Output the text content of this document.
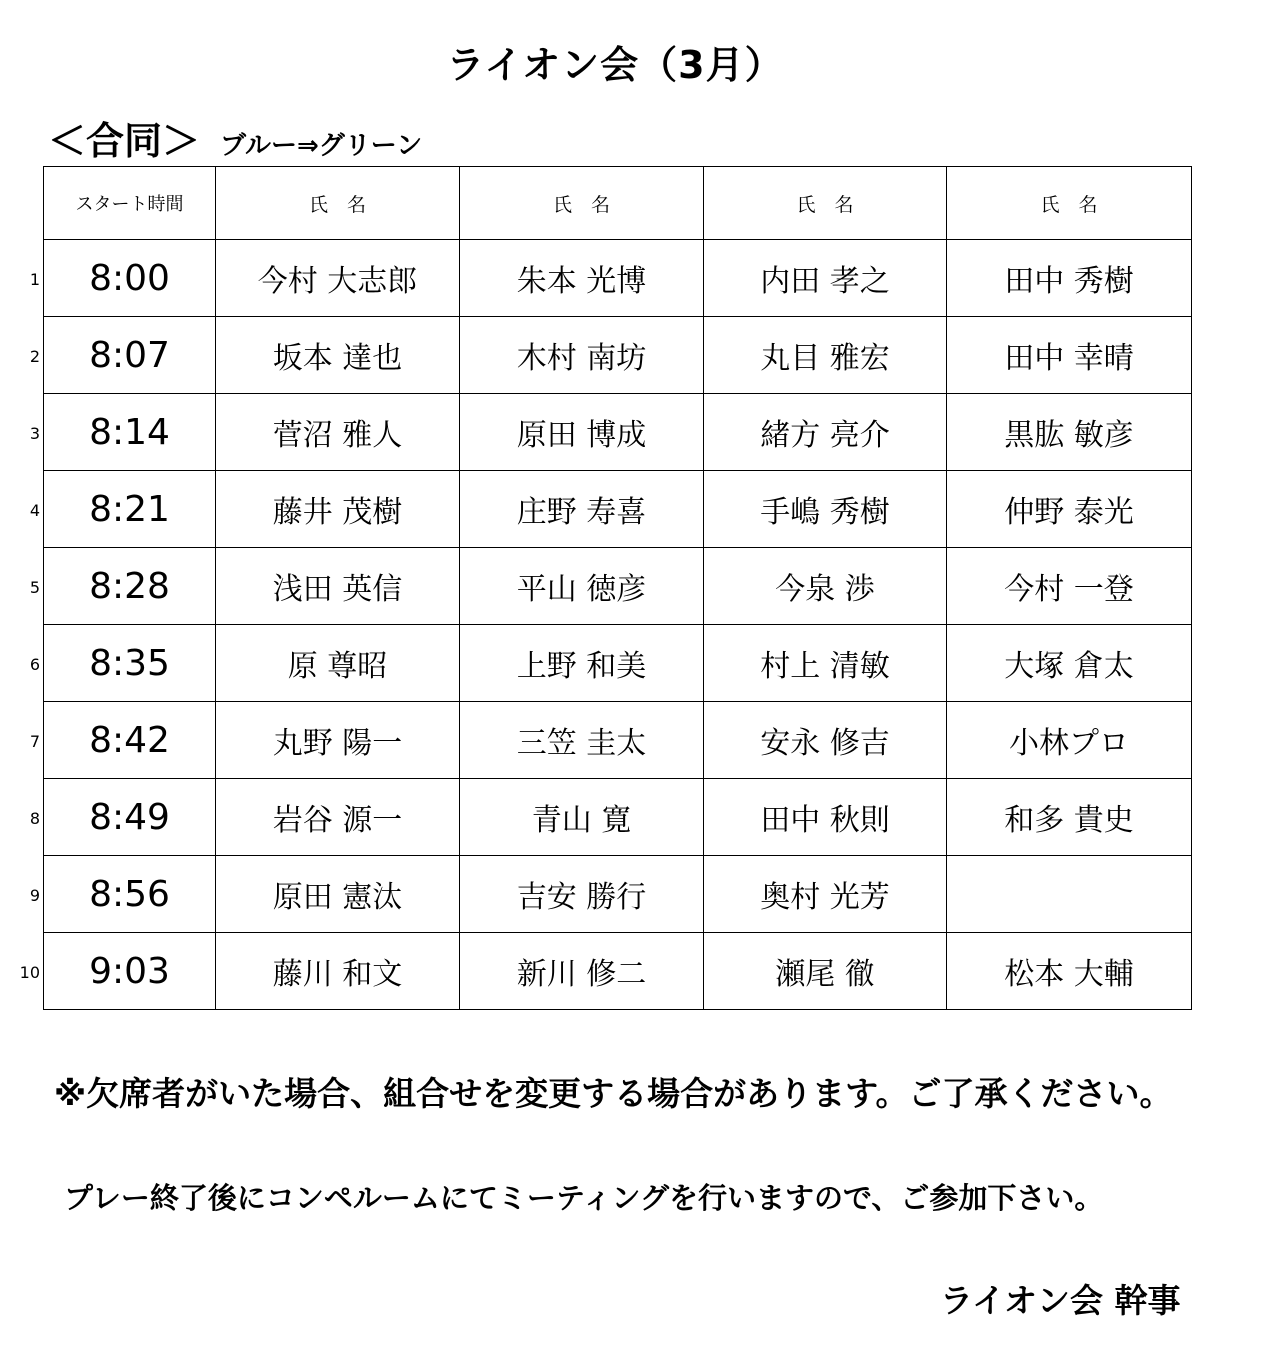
ライオン会（3月）
＜合同＞ ブルー⇒グリーン
スタート時間	氏　名	氏　名	氏　名	氏　名
8:00	今村 大志郎	朱本 光博	内田 孝之	田中 秀樹
8:07	坂本 達也	木村 南坊	丸目 雅宏	田中 幸晴
8:14	菅沼 雅人	原田 博成	緒方 亮介	黒肱 敏彦
8:21	藤井 茂樹	庄野 寿喜	手嶋 秀樹	仲野 泰光
8:28	浅田 英信	平山 徳彦	今泉 渉	今村 一登
8:35	原 尊昭	上野 和美	村上 清敏	大塚 倉太
8:42	丸野 陽一	三笠 圭太	安永 修吉	小林プロ
8:49	岩谷 源一	青山 寛	田中 秋則	和多 貴史
8:56	原田 憲汰	吉安 勝行	奥村 光芳	
9:03	藤川 和文	新川 修二	瀬尾 徹	松本 大輔
1
2
3
4
5
6
7
8
9
10
※欠席者がいた場合、組合せを変更する場合があります。ご了承ください。
プレー終了後にコンペルームにてミーティングを行いますので、ご参加下さい。
ライオン会 幹事
